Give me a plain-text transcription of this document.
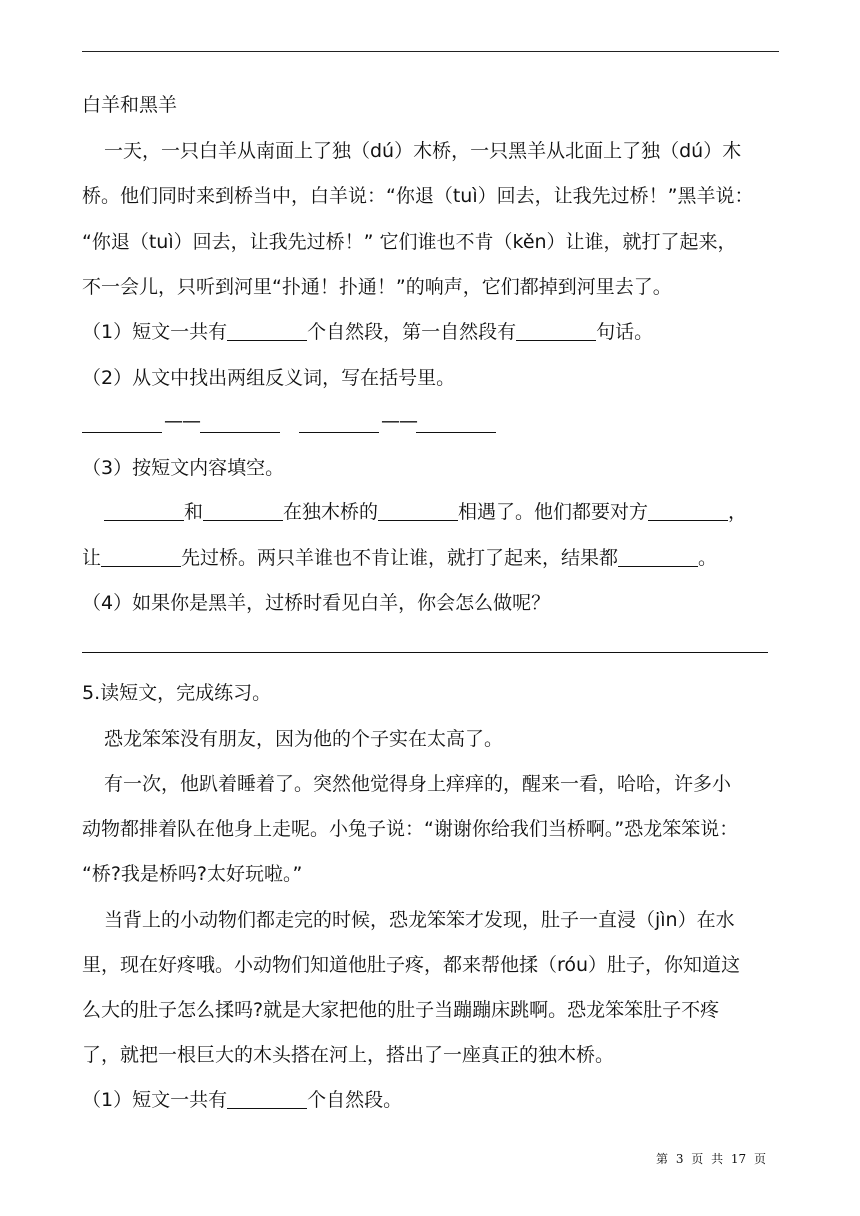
白羊和黑羊
一天，一只白羊从南面上了独（dú）木桥，一只黑羊从北面上了独（dú）木
桥。他们同时来到桥当中，白羊说：“你退（tuì）回去，让我先过桥！”黑羊说：
“你退（tuì）回去，让我先过桥！” 它们谁也不肯（kěn）让谁，就打了起来，
不一会儿，只听到河里“扑通！扑通！”的响声，它们都掉到河里去了。
（1）短文一共有	个自然段，第一自然段有	句话。
（2）从文中找出两组反义词，写在括号里。
——	——
（3）按短文内容填空。
和	在独木桥的	相遇了。他们都要对方	，
让	先过桥。两只羊谁也不肯让谁，就打了起来，结果都	。
（4）如果你是黑羊，过桥时看见白羊，你会怎么做呢？
5.读短文，完成练习。
恐龙笨笨没有朋友，因为他的个子实在太高了。
有一次，他趴着睡着了。突然他觉得身上痒痒的，醒来一看，哈哈，许多小
动物都排着队在他身上走呢。小兔子说：“谢谢你给我们当桥啊。”恐龙笨笨说：
“桥?我是桥吗?太好玩啦。”
当背上的小动物们都走完的时候，恐龙笨笨才发现，肚子一直浸（jìn）在水
里，现在好疼哦。小动物们知道他肚子疼，都来帮他揉（róu）肚子，你知道这
么大的肚子怎么揉吗?就是大家把他的肚子当蹦蹦床跳啊。恐龙笨笨肚子不疼
了，就把一根巨大的木头搭在河上，搭出了一座真正的独木桥。
（1）短文一共有	个自然段。
第 3 页 共 17 页
